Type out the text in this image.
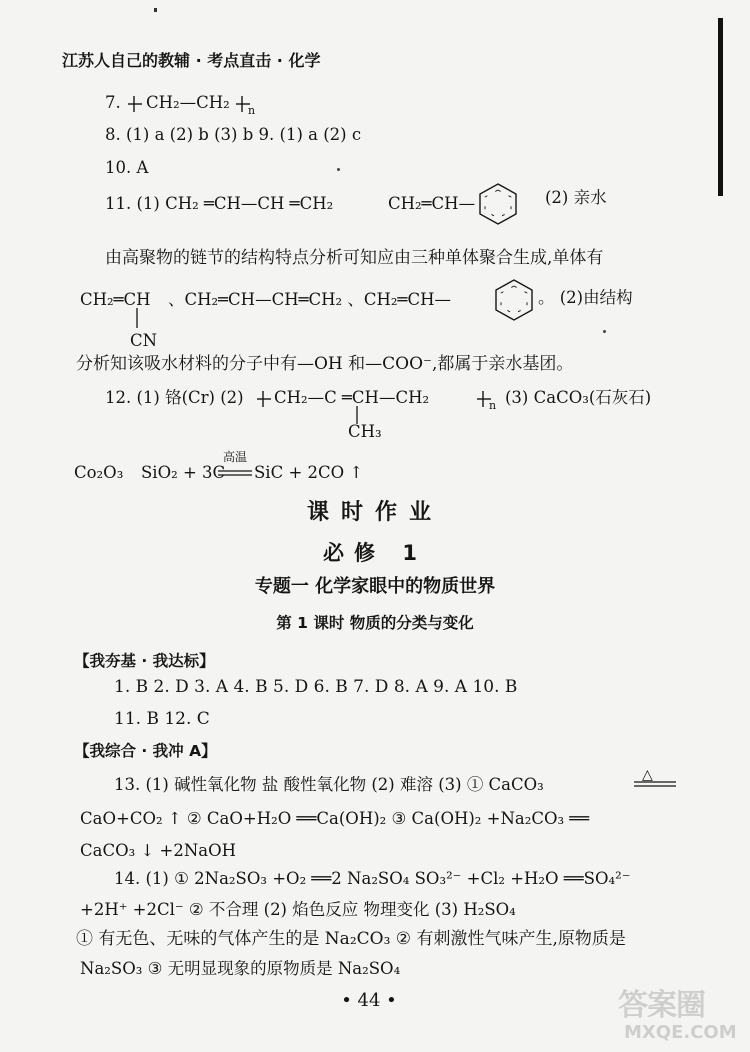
江苏人自己的教辅 · 考点直击 · 化学
7. CH₂—CH₂ n
8. (1) a (2) b (3) b 9. (1) a (2) c
10. A
11. (1) CH₂ ═CH—CH ═CH₂	CH₂═CH—	(2) 亲水
由高聚物的链节的结构特点分析可知应由三种单体聚合生成,单体有
CH₂═CH
CN
、CH₂═CH—CH═CH₂ 、CH₂═CH—	。 (2)由结构
分析知该吸水材料的分子中有—OH 和—COO⁻,都属于亲水基团。
12. (1) 铬(Cr) (2) CH₂—C ═CH—CH₂	n (3) CaCO₃(石灰石)
CH₃
Co₂O₃ SiO₂ + 3C
高温
SiC + 2CO ↑
课时作业
必修 1
专题一 化学家眼中的物质世界
第 1 课时 物质的分类与变化
【我夯基 · 我达标】
1. B 2. D 3. A 4. B 5. D 6. B 7. D 8. A 9. A 10. B
11. B 12. C
【我综合 · 我冲 A】
13. (1) 碱性氧化物 盐 酸性氧化物 (2) 难溶 (3) ① CaCO₃	△
CaO+CO₂ ↑ ② CaO+H₂O ══Ca(OH)₂ ③ Ca(OH)₂ +Na₂CO₃ ══
CaCO₃ ↓ +2NaOH
14. (1) ① 2Na₂SO₃ +O₂ ══2 Na₂SO₄ SO₃²⁻ +Cl₂ +H₂O ══SO₄²⁻
+2H⁺ +2Cl⁻ ② 不合理 (2) 焰色反应 物理变化 (3) H₂SO₄
① 有无色、无味的气体产生的是 Na₂CO₃ ② 有刺激性气味产生,原物质是
Na₂SO₃ ③ 无明显现象的原物质是 Na₂SO₄
• 44 •	答案圈
MXQE.COM
